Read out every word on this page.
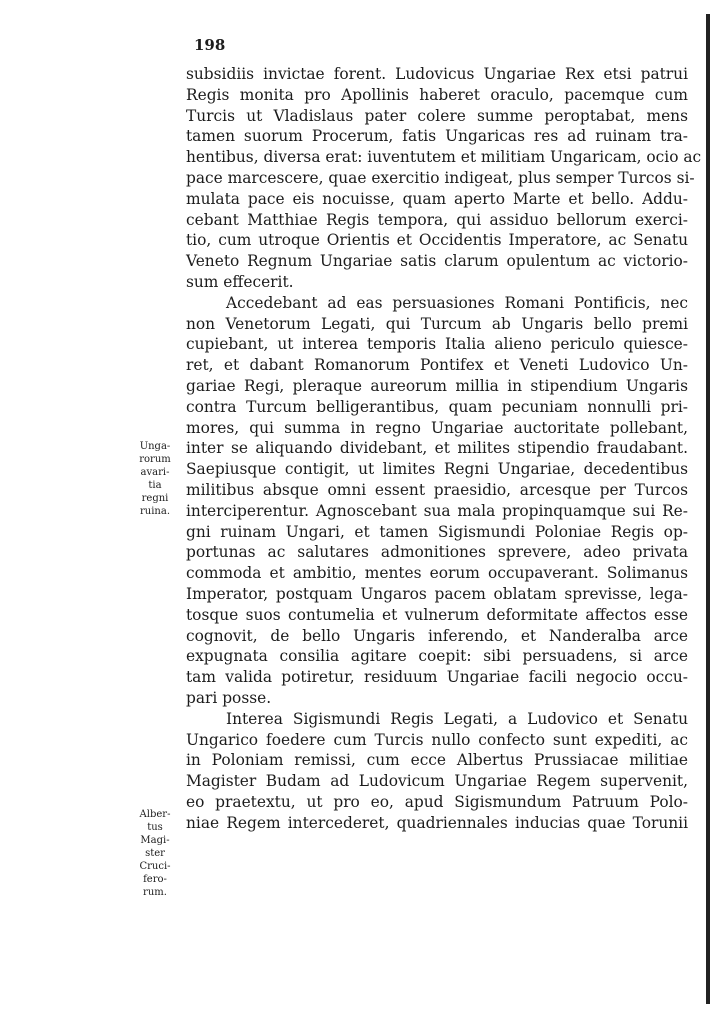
198
subsidiis invictae forent. Ludovicus Ungariae Rex etsi patrui
Regis monita pro Apollinis haberet oraculo, pacemque cum
Turcis ut Vladislaus pater colere summe peroptabat, mens
tamen suorum Procerum, fatis Ungaricas res ad ruinam tra-
hentibus, diversa erat: iuventutem et militiam Ungaricam, ocio ac
pace marcescere, quae exercitio indigeat, plus semper Turcos si-
mulata pace eis nocuisse, quam aperto Marte et bello. Addu-
cebant Matthiae Regis tempora, qui assiduo bellorum exerci-
tio, cum utroque Orientis et Occidentis Imperatore, ac Senatu
Veneto Regnum Ungariae satis clarum opulentum ac victorio-
sum effecerit.
Accedebant ad eas persuasiones Romani Pontificis, nec
non Venetorum Legati, qui Turcum ab Ungaris bello premi
cupiebant, ut interea temporis Italia alieno periculo quiesce-
ret, et dabant Romanorum Pontifex et Veneti Ludovico Un-
gariae Regi, pleraque aureorum millia in stipendium Ungaris
contra Turcum belligerantibus, quam pecuniam nonnulli pri-
mores, qui summa in regno Ungariae auctoritate pollebant,
inter se aliquando dividebant, et milites stipendio fraudabant.
Saepiusque contigit, ut limites Regni Ungariae, decedentibus
militibus absque omni essent praesidio, arcesque per Turcos
interciperentur. Agnoscebant sua mala propinquamque sui Re-
gni ruinam Ungari, et tamen Sigismundi Poloniae Regis op-
portunas ac salutares admonitiones sprevere, adeo privata
commoda et ambitio, mentes eorum occupaverant. Solimanus
Imperator, postquam Ungaros pacem oblatam sprevisse, lega-
tosque suos contumelia et vulnerum deformitate affectos esse
cognovit, de bello Ungaris inferendo, et Nanderalba arce
expugnata consilia agitare coepit: sibi persuadens, si arce
tam valida potiretur, residuum Ungariae facili negocio occu-
pari posse.
Interea Sigismundi Regis Legati, a Ludovico et Senatu
Ungarico foedere cum Turcis nullo confecto sunt expediti, ac
in Poloniam remissi, cum ecce Albertus Prussiacae militiae
Magister Budam ad Ludovicum Ungariae Regem supervenit,
eo praetextu, ut pro eo, apud Sigismundum Patruum Polo-
niae Regem intercederet, quadriennales inducias quae Torunii
Unga-
rorum
avari-
tia
regni
ruina.
Alber-
tus
Magi-
ster
Cruci-
fero-
rum.
